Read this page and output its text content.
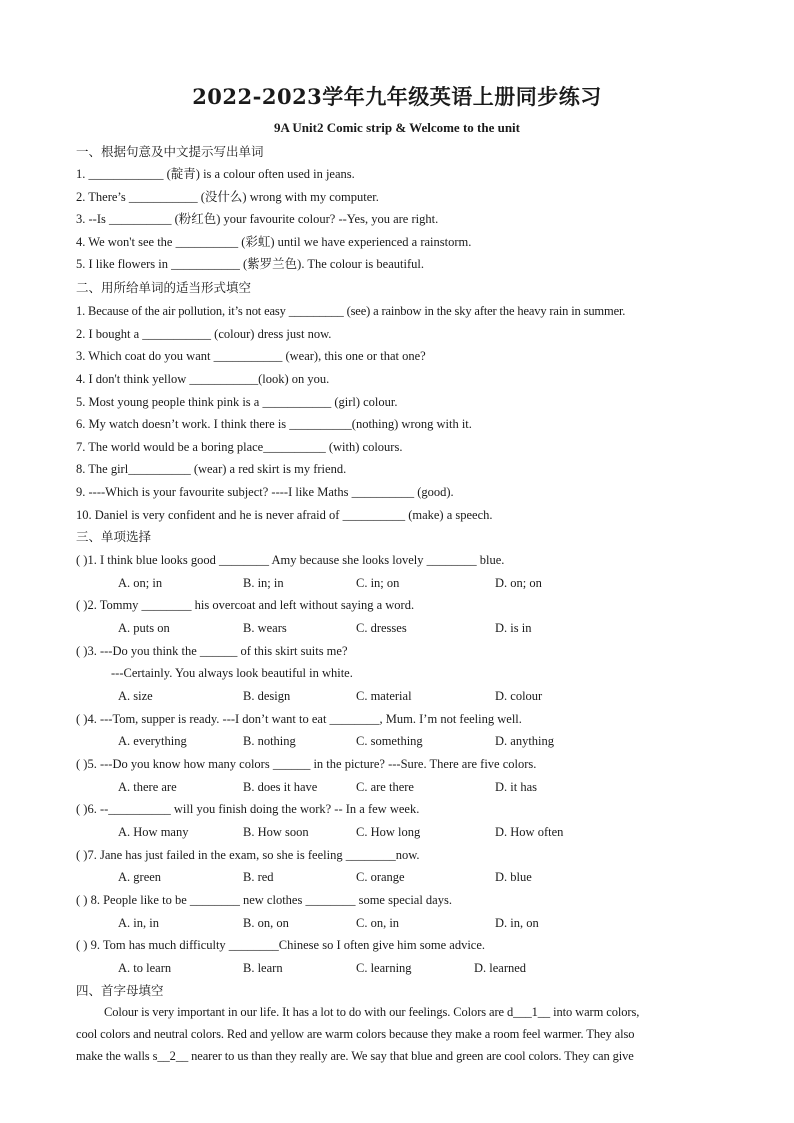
2022-2023学年九年级英语上册同步练习
9A Unit2 Comic strip & Welcome to the unit
一、根据句意及中文提示写出单词
1. ____________ (靛青) is a colour often used in jeans.
2. There’s ___________ (没什么) wrong with my computer.
3. --Is __________ (粉红色) your favourite colour? --Yes, you are right.
4. We won't see the __________ (彩虹) until we have experienced a rainstorm.
5. I like flowers in ___________ (紫罗兰色). The colour is beautiful.
二、用所给单词的适当形式填空
1. Because of the air pollution, it’s not easy _________ (see) a rainbow in the sky after the heavy rain in summer.
2. I bought a ___________ (colour) dress just now.
3. Which coat do you want ___________ (wear), this one or that one?
4. I don't think yellow ___________(look) on you.
5. Most young people think pink is a ___________ (girl) colour.
6. My watch doesn’t work. I think there is __________(nothing) wrong with it.
7. The world would be a boring place__________ (with) colours.
8. The girl__________ (wear) a red skirt is my friend.
9. ----Which is your favourite subject? ----I like Maths __________ (good).
10. Daniel is very confident and he is never afraid of __________ (make) a speech.
三、单项选择
( )1. I think blue looks good ________ Amy because she looks lovely ________ blue.
A. on; in	B. in; in	C. in; on	D. on; on
( )2. Tommy ________ his overcoat and left without saying a word.
A. puts on	B. wears	C. dresses	D. is in
( )3. ---Do you think the ______ of this skirt suits me?
---Certainly. You always look beautiful in white.
A. size	B. design	C. material	D. colour
( )4. ---Tom, supper is ready. ---I don’t want to eat ________, Mum. I’m not feeling well.
A. everything	B. nothing	C. something	D. anything
( )5. ---Do you know how many colors ______ in the picture? ---Sure. There are five colors.
A. there are	B. does it have	C. are there	D. it has
( )6. --__________ will you finish doing the work? -- In a few week.
A. How many	B. How soon	C. How long	D. How often
( )7. Jane has just failed in the exam, so she is feeling ________now.
A. green	B. red	C. orange	D. blue
( ) 8. People like to be ________ new clothes ________ some special days.
A. in, in	B. on, on	C. on, in	D. in, on
( ) 9. Tom has much difficulty ________Chinese so I often give him some advice.
A. to learn	B. learn	C. learning	D. learned
四、首字母填空
Colour is very important in our life. It has a lot to do with our feelings. Colors are d___1__ into warm colors,
cool colors and neutral colors. Red and yellow are warm colors because they make a room feel warmer. They also
make the walls s__2__ nearer to us than they really are. We say that blue and green are cool colors. They can give
